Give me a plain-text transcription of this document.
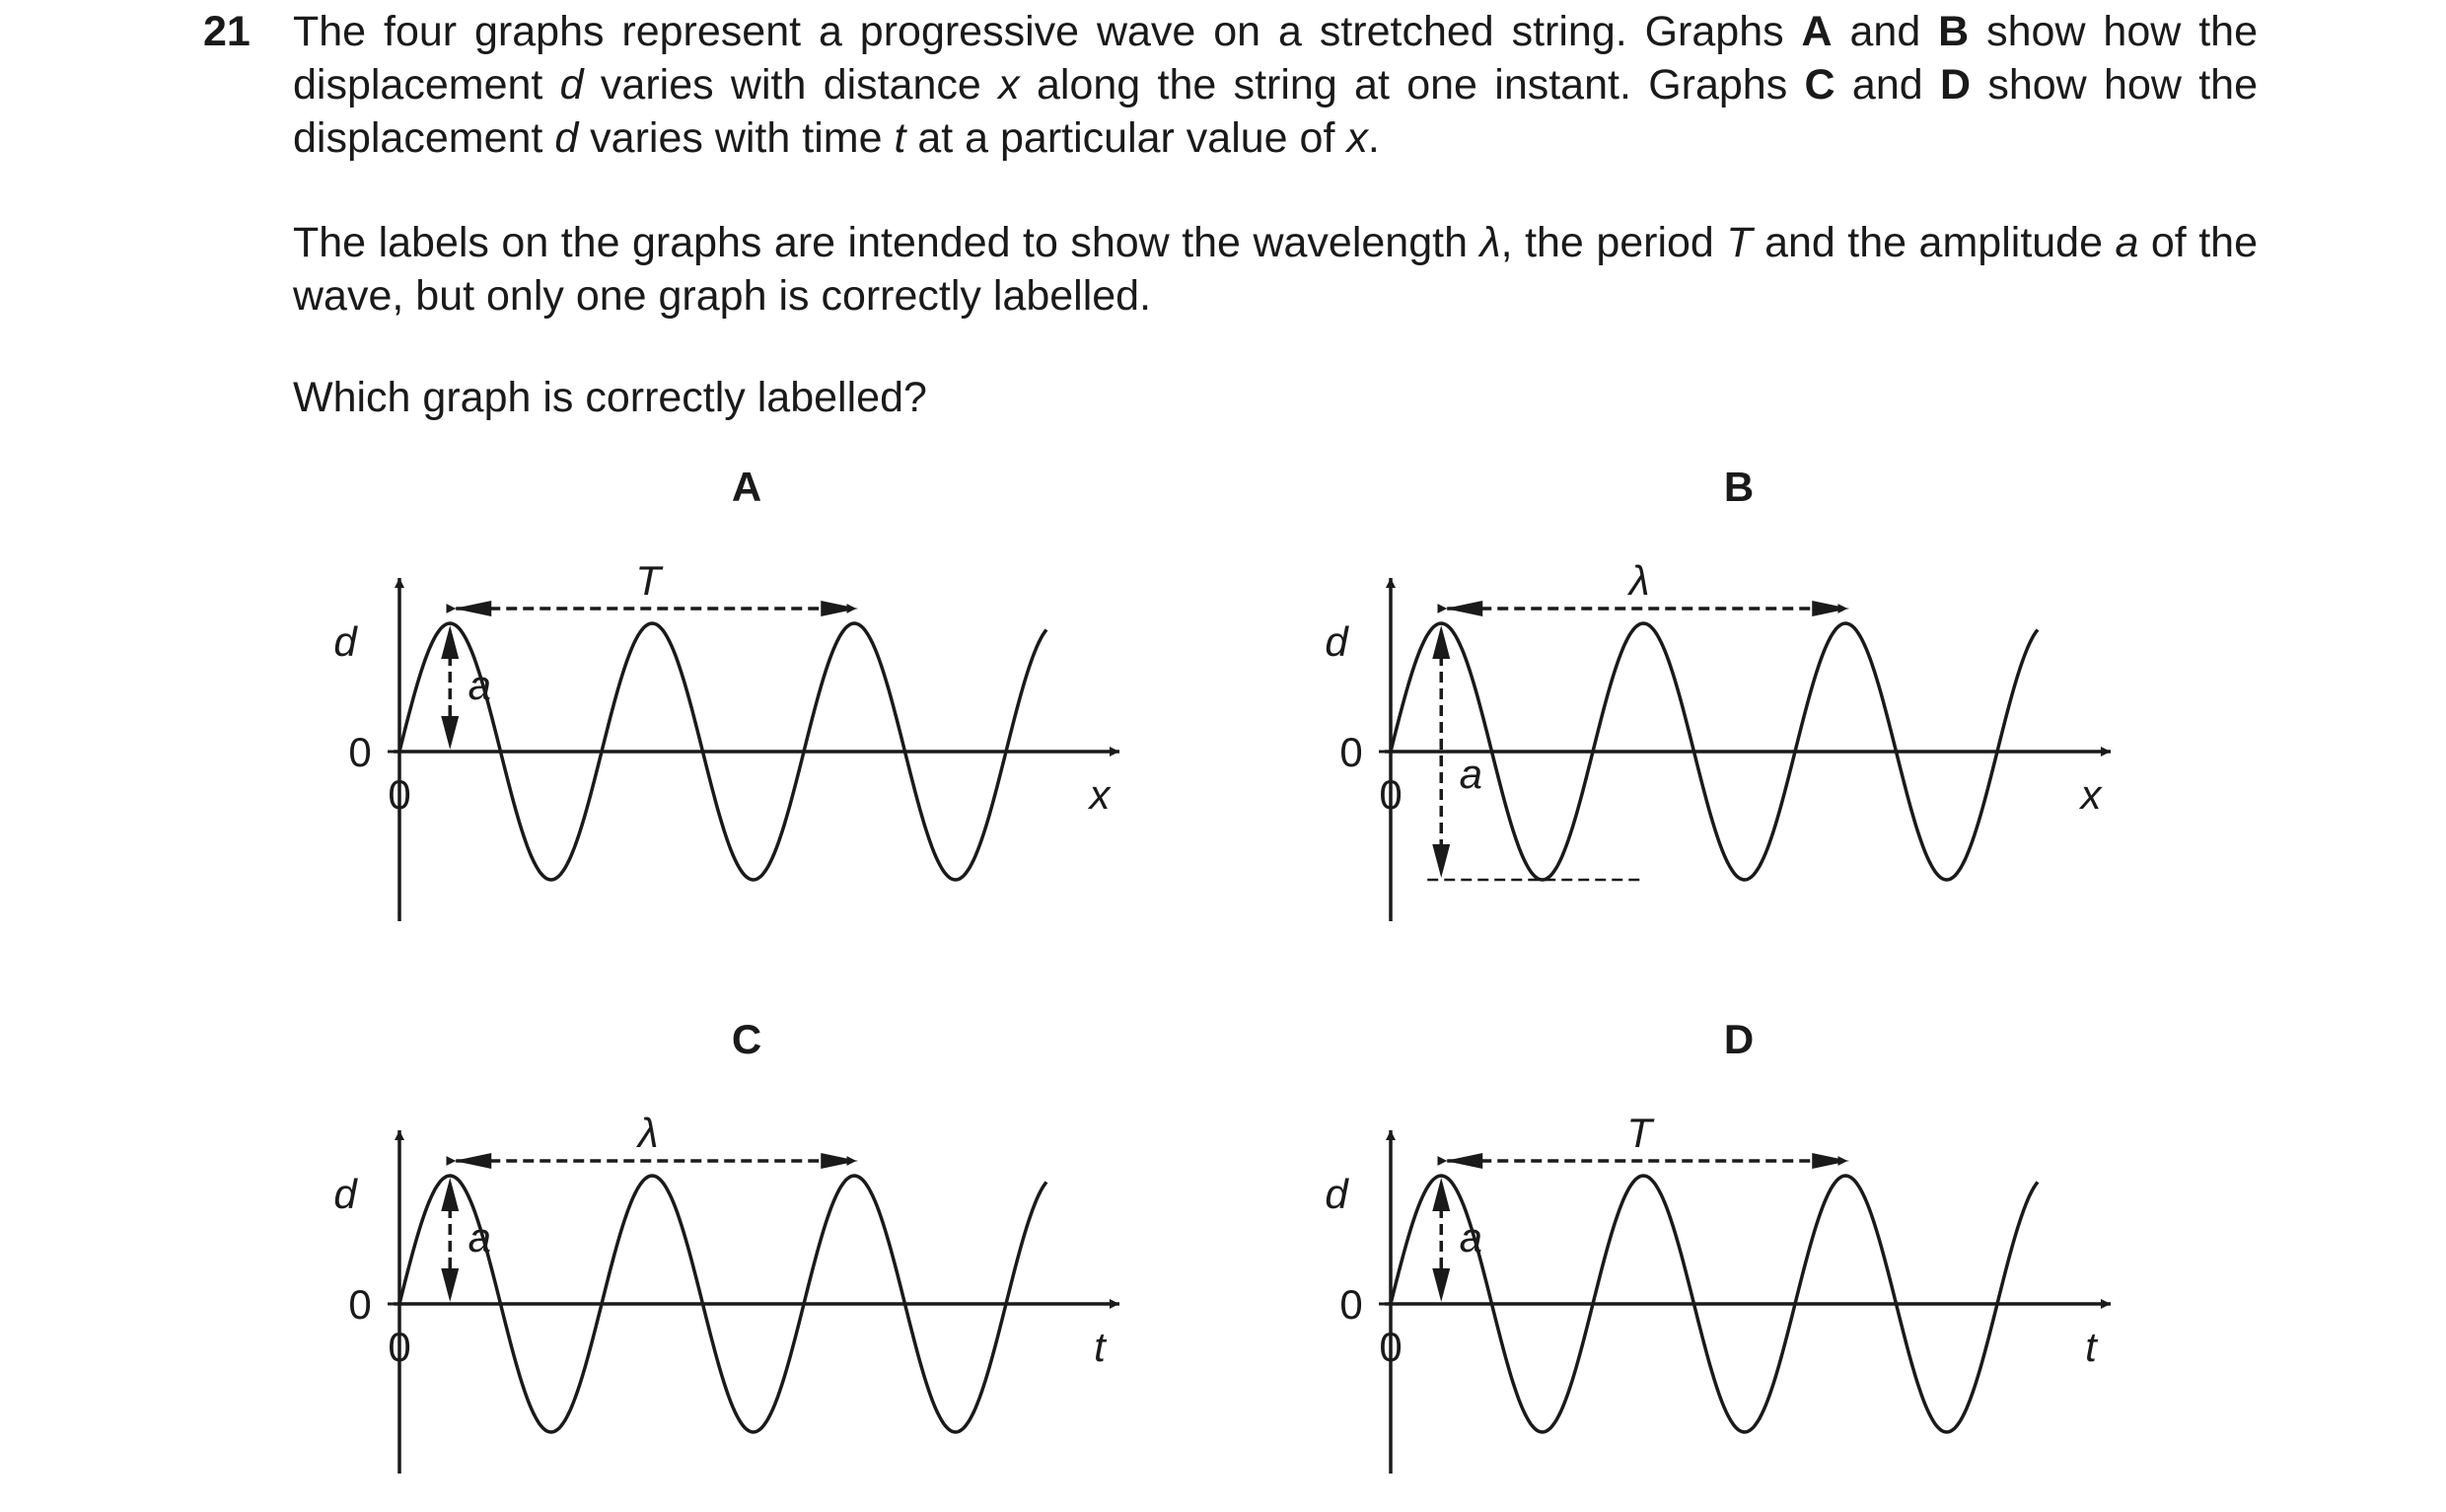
21 The four graphs represent a progressive wave on a stretched string. Graphs A and B show how the displacement d varies with distance x along the string at one instant. Graphs C and D show how the displacement d varies with time t at a particular value of x.

The labels on the graphs are intended to show the wavelength λ, the period T and the amplitude a of the wave, but only one graph is correctly labelled.

Which graph is correctly labelled?

A
d
0
0	x
T
a
B
d
0
0	x
λ
a
C
d
0
0	t
λ
a
D
d
0
0	t
T
a
